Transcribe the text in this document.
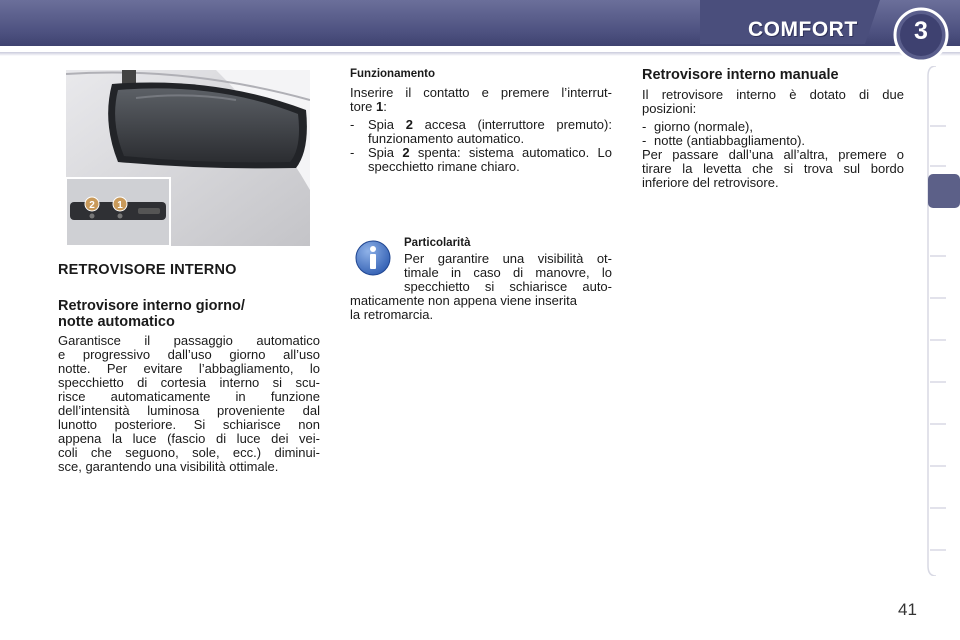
COMFORT	3
2 1
RETROVISORE INTERNO
Retrovisore interno giorno/
notte automatico
Garantisce il passaggio automatico
e progressivo dall’uso giorno all’uso
notte. Per evitare l’abbagliamento, lo
specchietto di cortesia interno si scu-
risce automaticamente in funzione
dell’intensità luminosa proveniente dal
lunotto posteriore. Si schiarisce non
appena la luce (fascio di luce dei vei-
coli che seguono, sole, ecc.) diminui-
sce, garantendo una visibilità ottimale.
Funzionamento
Inserire il contatto e premere l’interrut-
tore 1:
-	Spia 2 accesa (interruttore premuto): funzionamento automatico.
-	Spia 2 spenta: sistema automatico. Lo specchietto rimane chiaro.
Particolarità
Per garantire una visibilità ot-
timale in caso di manovre, lo
specchietto si schiarisce auto-
maticamente non appena viene inserita
la retromarcia.
Retrovisore interno manuale
Il retrovisore interno è dotato di due posizioni:
- giorno (normale),
- notte (antiabbagliamento).
Per passare dall’una all’altra, premere o tirare la levetta che si trova sul bordo inferiore del retrovisore.
41
